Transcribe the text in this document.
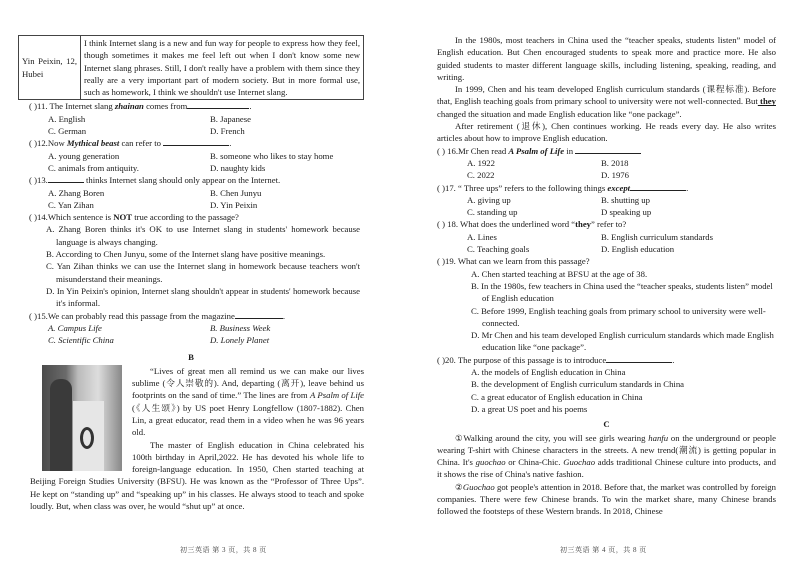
Yin Peixin, 12, Hubei	I think Internet slang is a new and fun way for people to express how they feel, though sometimes it makes me feel left out when I don't know some new Internet slang phrases. Still, I don't really have a problem with them since they really are a very important part of modern society. But in more formal use, such as homework, I think we shouldn't use Internet slang.
( )11. The Internet slang zhainan comes from	.
A. English	B. Japanese
C. German	D. French
( )12.Now Mythical beast can refer to	.
A. young generation	B. someone who likes to stay home
C. animals from antiquity.	D. naughty kids
( )13.	thinks Internet slang should only appear on the Internet.
A. Zhang Boren	B. Chen Junyu
C. Yan Zihan	D. Yin Peixin
( )14.Which sentence is NOT true according to the passage?
A. Zhang Boren thinks it's OK to use Internet slang in students' homework because language is always changing.
B. According to Chen Junyu, some of the Internet slang have positive meanings.
C. Yan Zihan thinks we can use the Internet slang in homework because teachers won't misunderstand their meanings.
D. In Yin Peixin's opinion, Internet slang shouldn't appear in students' homework because it's informal.
( )15.We can probably read this passage from the magazine	.
A. Campus Life	B. Business Week
C. Scientific China	D. Lonely Planet
B

“Lives of great men all remind us we can make our lives sublime (令人崇敬的). And, departing (离开), leave behind us footprints on the sand of time.” The lines are from A Psalm of Life (《人生颂》) by US poet Henry Longfellow (1807-1882). Chen Lin, a great educator, read them in a video when he was 96 years old.

The master of English education in China celebrated his 100th birthday in April,2022. He has devoted his whole life to foreign-language education. In 1950, Chen started teaching at Beijing Foreign Studies University (BFSU). He was known as the “Professor of Three Ups”. He kept on “standing up” and “speaking up” in his classes. He always stood to teach and spoke loudly. But, when class was over, he would “shut up” at once.

初三英语 第 3 页，共 8 页

In the 1980s, most teachers in China used the “teacher speaks, students listen” model of English education. But Chen encouraged students to speak more and practice more. He also guided students to master different language skills, including listening, speaking, reading, and writing.

In 1999, Chen and his team developed English curriculum standards (课程标准). Before that, English teaching goals from primary school to university were not well-connected. But they changed the situation and made English education like “one package”.

After retirement (退休), Chen continues working. He reads every day. He also writes articles about how to improve English education.

( ) 16.Mr Chen read A Psalm of Life in
A. 1922	B. 2018
C. 2022	D. 1976
( )17. “ Three ups” refers to the following things except	.
A. giving up	B. shutting up
C. standing up	D speaking up
( ) 18. What does the underlined word “they” refer to?
A. Lines	B. English curriculum standards
C. Teaching goals	D. English education
( )19. What can we learn from this passage?
A. Chen started teaching at BFSU at the age of 38.
B. In the 1980s, few teachers in China used the “teacher speaks, students listen” model of English education
C. Before 1999, English teaching goals from primary school to university were well-connected.
D. Mr Chen and his team developed English curriculum standards which made English education like “one package”.
( )20. The purpose of this passage is to introduce	.
A. the models of English education in China
B. the development of English curriculum standards in China
C. a great educator of English education in China
D. a great US poet and his poems
C

①Walking around the city, you will see girls wearing hanfu on the underground or people wearing T-shirt with Chinese characters in the streets. A new trend(潮流) is getting popular in China. It's guochao or China-Chic. Guochao adds traditional Chinese culture into products, and it shows the rise of China's native fashion.

②Guochao got people's attention in 2018. Before that, the market was controlled by foreign companies. There were few Chinese brands. To win the market share, many Chinese brands followed the footsteps of these Western brands. In 2018, Chinese

初三英语 第 4 页，共 8 页
